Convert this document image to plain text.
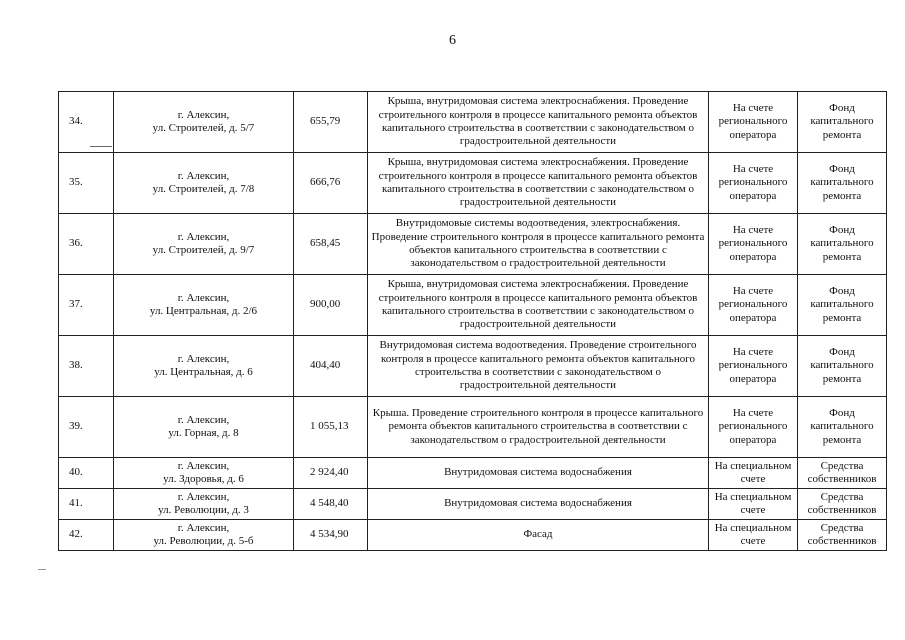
6
34.	г. Алексин,
ул. Строителей, д. 5/7	655,79	Крыша, внутридомовая система электроснабжения. Проведение строительного контроля в процессе капитального ремонта объектов капитального строительства в соответствии с законодательством о градостроительной деятельности	На счете регионального оператора	Фонд капитального ремонта
35.	г. Алексин,
ул. Строителей, д. 7/8	666,76	Крыша, внутридомовая система электроснабжения. Проведение строительного контроля в процессе капитального ремонта объектов капитального строительства в соответствии с законодательством о градостроительной деятельности	На счете регионального оператора	Фонд капитального ремонта
36.	г. Алексин,
ул. Строителей, д. 9/7	658,45	Внутридомовые системы водоотведения, электроснабжения. Проведение строительного контроля в процессе капитального ремонта объектов капитального строительства в соответствии с законодательством о градостроительной деятельности	На счете регионального оператора	Фонд капитального ремонта
37.	г. Алексин,
ул. Центральная, д. 2/6	900,00	Крыша, внутридомовая система электроснабжения. Проведение строительного контроля в процессе капитального ремонта объектов капитального строительства в соответствии с законодательством о градостроительной деятельности	На счете регионального оператора	Фонд капитального ремонта
38.	г. Алексин,
ул. Центральная, д. 6	404,40	Внутридомовая система водоотведения. Проведение строительного контроля в процессе капитального ремонта объектов капитального строительства в соответствии с законодательством о градостроительной деятельности	На счете регионального оператора	Фонд капитального ремонта
39.	г. Алексин,
ул. Горная, д. 8	1 055,13	Крыша. Проведение строительного контроля в процессе капитального ремонта объектов капитального строительства в соответствии с законодательством о градостроительной деятельности	На счете регионального оператора	Фонд капитального ремонта
40.	г. Алексин,
ул. Здоровья, д. 6	2 924,40	Внутридомовая система водоснабжения	На специальном счете	Средства собственников
41.	г. Алексин,
ул. Революции, д. 3	4 548,40	Внутридомовая система водоснабжения	На специальном счете	Средства собственников
42.	г. Алексин,
ул. Революции, д. 5-б	4 534,90	Фасад	На специальном счете	Средства собственников
